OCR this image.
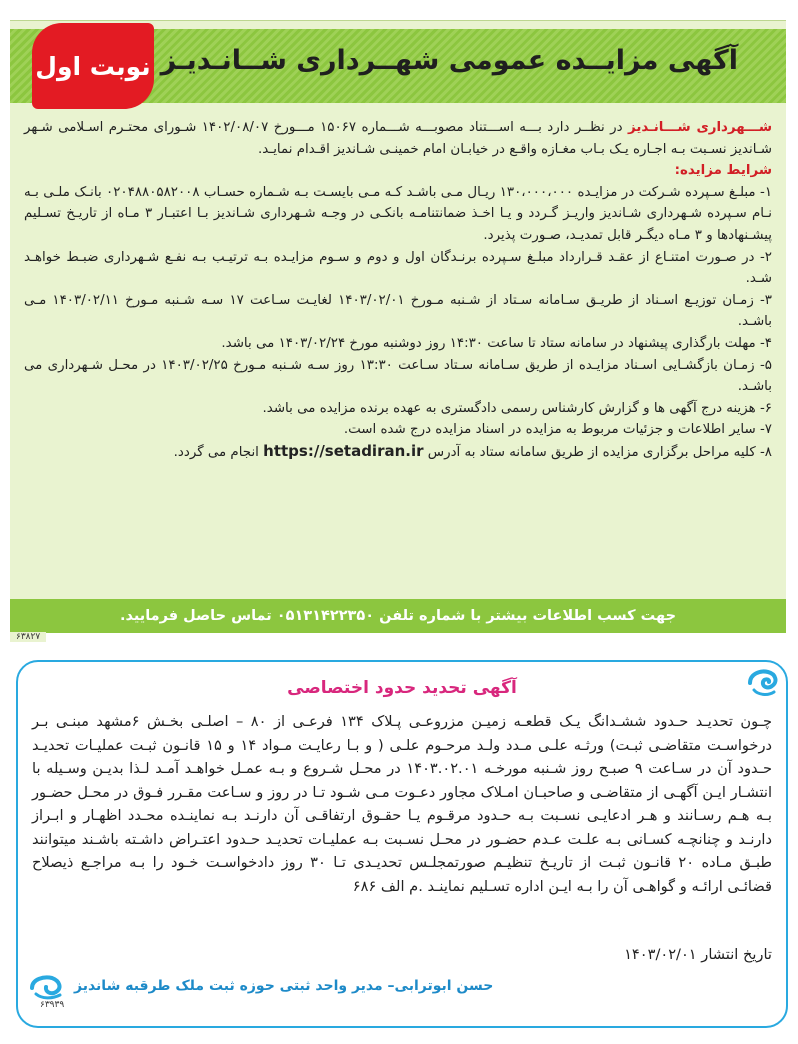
آگهی مزایــده عمومی شهــرداری شــانـدیـز
نوبت اول

شـــهرداری شـــانـدیز در نظــر دارد بـــه اســـتناد مصوبـــه شـــماره ۱۵۰۶۷ مـــورخ ۱۴۰۲/۰۸/۰۷ شـورای محتـرم اسـلامی شـهر شـاندیز نسـبت بـه اجـاره یـک بـاب مغـازه واقـع در خیابـان امام خمینـی شـاندیز اقـدام نمایـد.

شرایط مزایده:

۱- مبلـغ سـپرده شـرکت در مزایـده ۱۳۰،۰۰۰،۰۰۰ ریـال مـی باشـد کـه مـی بایسـت بـه شـماره حسـاب ۰۲۰۴۸۸۰۵۸۲۰۰۸ بانـک ملـی بـه نـام سـپرده شـهرداری شـاندیز واریـز گـردد و یـا اخـذ ضمانتنامـه بانکـی در وجـه شـهرداری شـاندیز بـا اعتبـار ۳ مـاه از تاریـخ تسـلیم پیشـنهادها و ۳ مـاه دیگـر قابل تمدیـد، صـورت پذیرد.

۲- در صـورت امتنـاع از عقـد قـرارداد مبلـغ سـپرده برنـدگان اول و دوم و سـوم مزایـده بـه ترتیـب بـه نفـع شـهرداری ضبـط خواهـد شـد.

۳- زمـان توزیـع اسـناد از طریـق سـامانه سـتاد از شـنبه مـورخ ۱۴۰۳/۰۲/۰۱ لغایـت سـاعت ۱۷ سـه شـنبه مـورخ ۱۴۰۳/۰۲/۱۱ مـی باشـد.

۴- مهلت بارگذاری پیشنهاد در سامانه ستاد تا ساعت ۱۴:۳۰ روز دوشنبه مورخ ۱۴۰۳/۰۲/۲۴ می باشد.

۵- زمـان بازگشـایی اسـناد مزایـده از طریق سـامانه سـتاد سـاعت ۱۳:۳۰ روز سـه شـنبه مـورخ ۱۴۰۳/۰۲/۲۵ در محـل شـهرداری می باشـد.

۶- هزینه درج آگهی ها و گزارش کارشناس رسمی دادگستری به عهده برنده مزایده می باشد.

۷- سایر اطلاعات و جزئیات مربوط به مزایده در اسناد مزایده درج شده است.

۸- کلیه مراحل برگزاری مزایده از طریق سامانه ستاد به آدرس https://setadiran.ir انجام می گردد.

جهت کسب اطلاعات بیشتر با شماره تلفن ۰۵۱۳۱۴۲۲۳۵۰ تماس حاصل فرمایید.
۶۳۸۲۷
آگهی تحدید حدود اختصاصی

چـون تحدیـد حـدود ششـدانگ یـک قطعـه زمیـن مزروعـی پـلاک ۱۳۴ فرعـی از ۸۰ – اصلـی بخـش ۶مشهد مبنـی بـر درخواسـت متقاضـی ثبـت) ورثـه علـی مـدد ولـد مرحـوم علـی ( و بـا رعایـت مـواد ۱۴ و ۱۵ قانـون ثبـت عملیـات تحدیـد حـدود آن در سـاعت ۹ صبـح روز شـنبه مورخـه ۱۴۰۳.۰۲.۰۱ در محـل شـروع و بـه عمـل خواهـد آمـد لـذا بدیـن وسـیله با انتشـار ایـن آگهـی از متقاضـی و صاحبـان امـلاک مجاور دعـوت مـی شـود تـا در روز و سـاعت مقـرر فـوق در محـل حضـور بـه هـم رسـانند و هـر ادعایـی نسـبت بـه حـدود مرقـوم یـا حقـوق ارتفاقـی آن دارنـد بـه نماینـده محـدد اظهـار و ابـراز دارنـد و چنانچـه کسـانی بـه علـت عـدم حضـور در محـل نسـبت بـه عملیـات تحدیـد حـدود اعتـراض داشـته باشـند میتوانند طبـق مـاده ۲۰ قانـون ثبـت از تاریـخ تنظیـم صورتمجلـس تحدیـدی تـا ۳۰ روز دادخواسـت خـود را بـه مراجـع ذیصلاح قضائـی ارائـه و گواهـی آن را بـه ایـن اداره تسـلیم نماینـد .م الف ۶۸۶

تاریخ انتشار ۱۴۰۳/۰۲/۰۱
حسن ابوترابی– مدیر واحد ثبتی حوزه ثبت ملک طرقبه شاندیز
۶۳۹۳۹
